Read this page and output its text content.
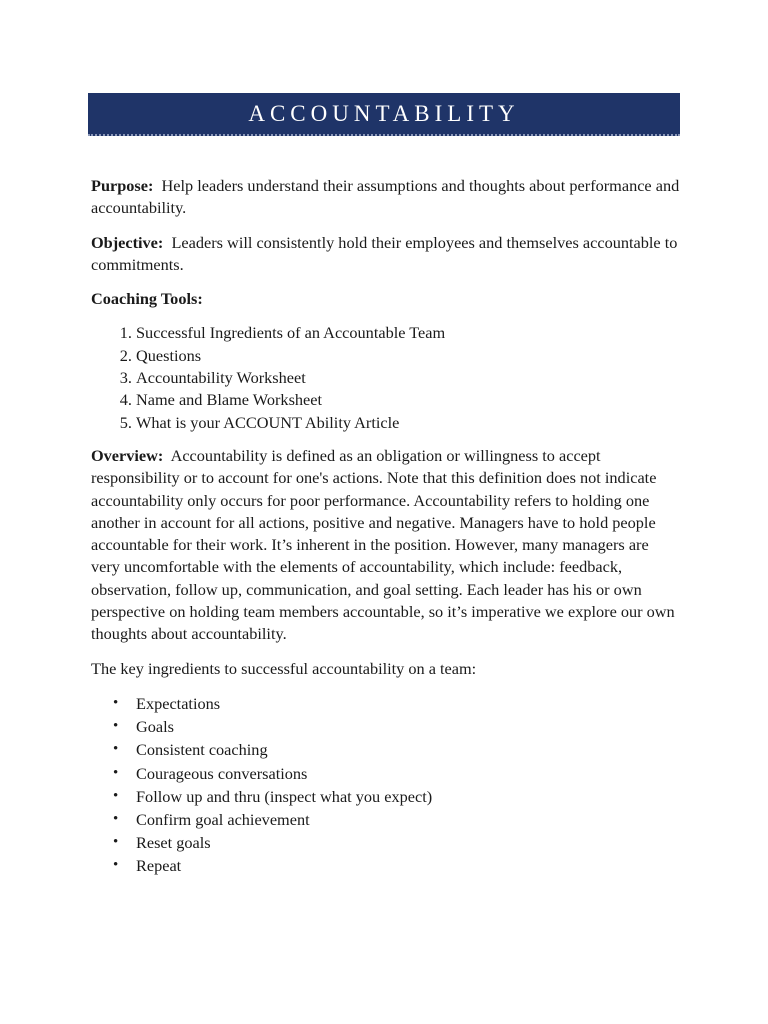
ACCOUNTABILITY

Purpose: Help leaders understand their assumptions and thoughts about performance and accountability.

Objective: Leaders will consistently hold their employees and themselves accountable to commitments.

Coaching Tools:

1. Successful Ingredients of an Accountable Team
2. Questions
3. Accountability Worksheet
4. Name and Blame Worksheet
5. What is your ACCOUNT Ability Article

Overview: Accountability is defined as an obligation or willingness to accept responsibility or to account for one's actions. Note that this definition does not indicate accountability only occurs for poor performance. Accountability refers to holding one another in account for all actions, positive and negative. Managers have to hold people accountable for their work. It’s inherent in the position. However, many managers are very uncomfortable with the elements of accountability, which include: feedback, observation, follow up, communication, and goal setting. Each leader has his or own perspective on holding team members accountable, so it’s imperative we explore our own thoughts about accountability.

The key ingredients to successful accountability on a team:

• Expectations
• Goals
• Consistent coaching
• Courageous conversations
• Follow up and thru (inspect what you expect)
• Confirm goal achievement
• Reset goals
• Repeat
